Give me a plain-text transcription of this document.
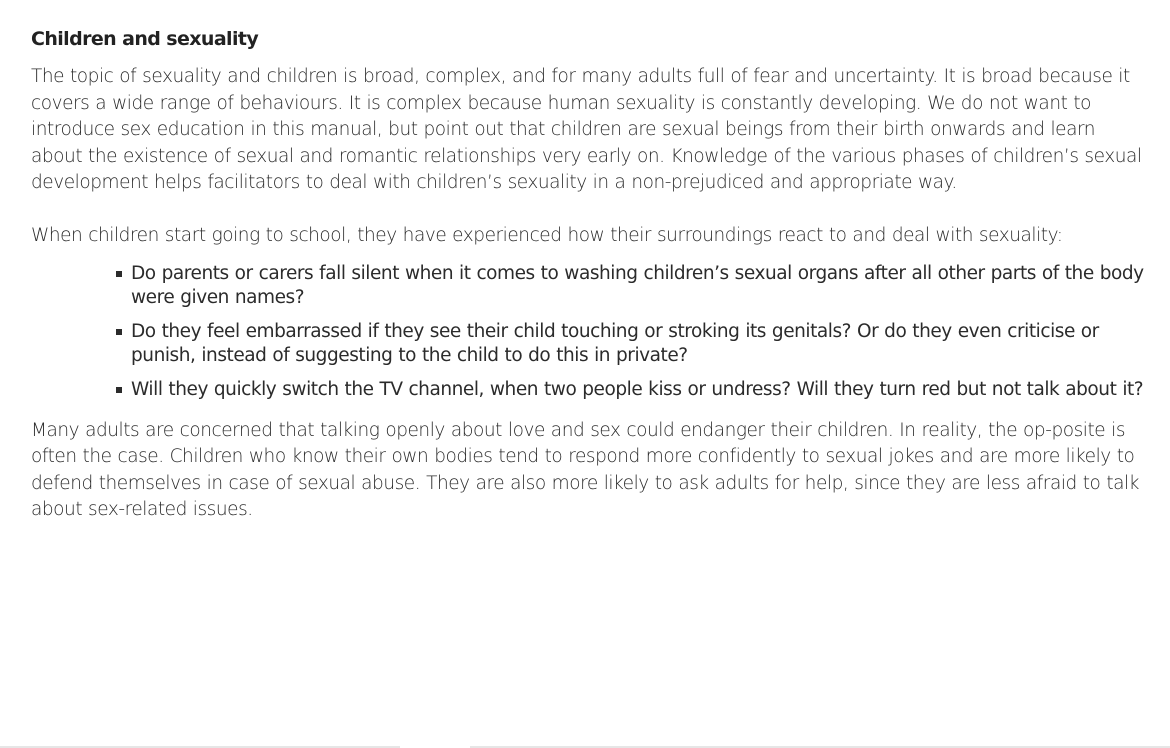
Children and sexuality

The topic of sexuality and children is broad, complex, and for many adults full of fear and uncertainty. It is broad because it covers a wide range of behaviours. It is complex because human sexuality is constantly developing. We do not want to introduce sex education in this manual, but point out that children are sexual beings from their birth onwards and learn about the existence of sexual and romantic relationships very early on. Knowledge of the various phases of children’s sexual development helps facilitators to deal with children’s sexuality in a non-prejudiced and appropriate way.

When children start going to school, they have experienced how their surroundings react to and deal with sexuality:

Do parents or carers fall silent when it comes to washing children’s sexual organs after all other parts of the body were given names?
Do they feel embarrassed if they see their child touching or stroking its genitals? Or do they even criticise or punish, instead of suggesting to the child to do this in private?
Will they quickly switch the TV channel, when two people kiss or undress? Will they turn red but not talk about it?

Many adults are concerned that talking openly about love and sex could endanger their children. In reality, the op-posite is often the case. Children who know their own bodies tend to respond more confidently to sexual jokes and are more likely to defend themselves in case of sexual abuse. They are also more likely to ask adults for help, since they are less afraid to talk about sex-related issues.
